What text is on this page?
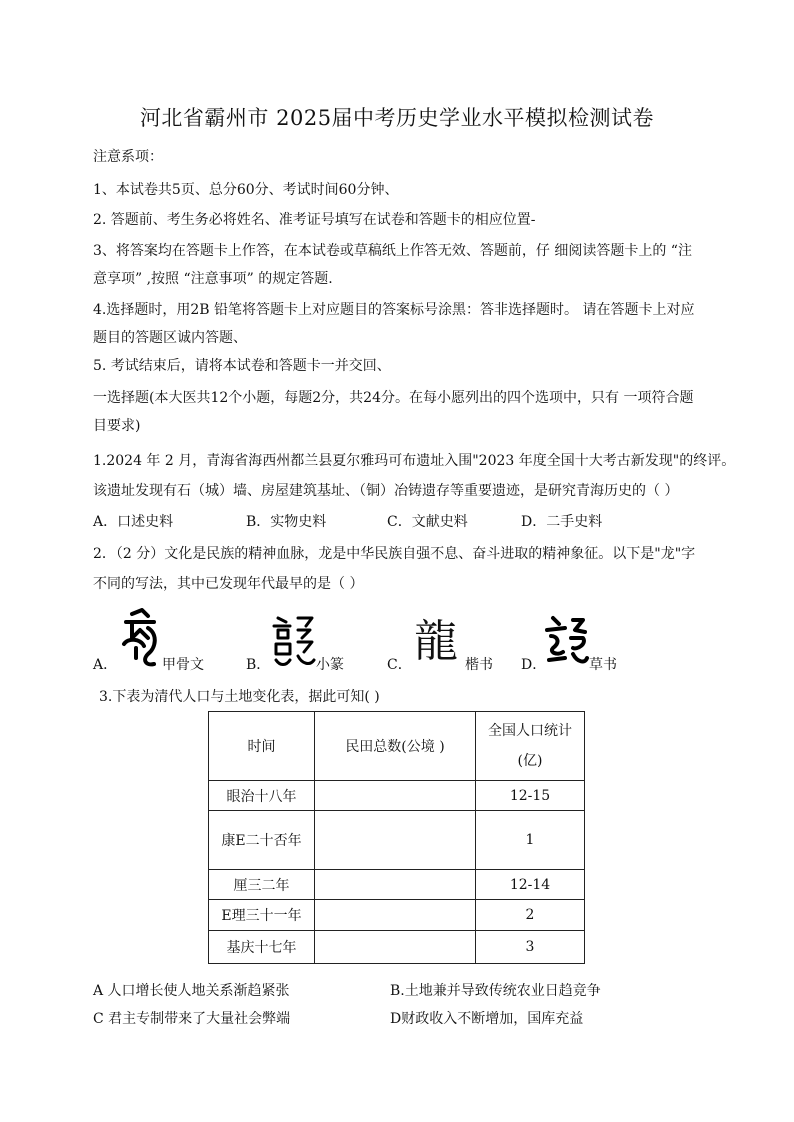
河北省霸州市 2025届中考历史学业水平模拟检测试卷
注意系项：
1、本试卷共5页、总分60分、考试时间60分钟、
2. 答题前、考生务必将姓名、准考证号填写在试卷和答题卡的相应位置-
3、将答案均在答题卡上作答，在本试卷或草稿纸上作答无效、答题前，仔 细阅读答题卡上的 “注
意享项” ,按照 “注意事项” 的规定答题.
4.选择题时，用2B 铅笔将答题卡上对应题目的答案标号涂黑：答非选择题时。 请在答题卡上对应
题目的答题区诚内答题、
5. 考试结束后，请将本试卷和答题卡一并交回、
一选择题(本大医共12个小题，每题2分，共24分。在每小愿列出的四个选项中，只有 一项符合题
目要求)
1.2024 年 2 月，青海省海西州都兰县夏尔雅玛可布遗址入围"2023 年度全国十大考古新发现"的终评。
该遗址发现有石（城）墙、房屋建筑基址、（铜）冶铸遗存等重要遗迹，是研究青海历史的（ ）
A．口述史料	B．实物史料	C．文献史料	D．二手史料
2．（2 分）文化是民族的精神血脉，龙是中华民族自强不息、奋斗进取的精神象征。以下是"龙"字
不同的写法，其中已发现年代最早的是（ ）
A．	甲骨文	B．	小篆	C． 龍 楷书 D．	草书
3.下表为清代人口与土地变化表，据此可知( )
时间	民田总数(公境 )	全国人口统计
(亿)

眼治十八年		12-15
康E二十否年		1
厘三二年		12-14
E理三十一年		2
基庆十七年		3
A 人口增长使人地关系渐趋紧张	B.土地兼并导致传统农业日趋竞争
C 君主专制带来了大量社会弊端	D财政收入不断增加，国库充益
